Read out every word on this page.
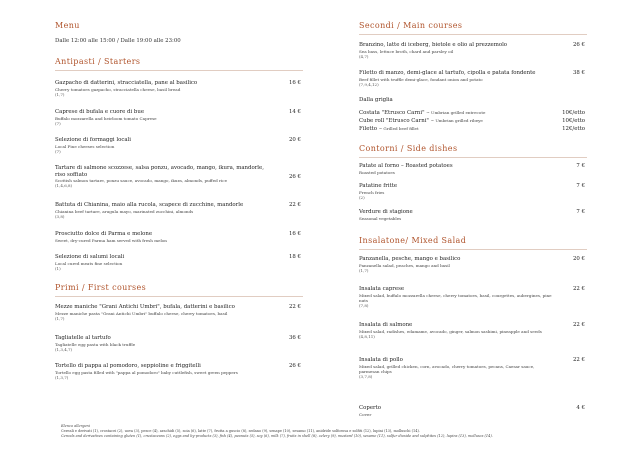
Menu
Dalle 12:00 alle 15:00 / Dalle 19:00 alle 23:00
Antipasti / Starters
Gazpacho di datterini, stracciatella, pane al basilico
Cherry tomatoes gazpacho, stracciatella cheese, basil bread
(1,7)
16 €
Caprese di bufala e cuore di bue
Buffalo mozzarella and heirloom tomato Caprese
(7)
14 €
Selezione di formaggi locali
Local Fine cheeses selection
(7)
20 €
Tartare di salmone scozzese, salsa ponzu, avocado, mango, ikura, mandorle, riso soffiato
Scottish salmon tartare, ponzu sauce, avocado, mango, ikura, almonds, puffed rice
(1,4,6,8)
26 €
Battuta di Chianina, maio alla rucola, scapece di zucchine, mandorle
Chianina beef tartare, arugula mayo, marinated zucchini, almonds
(3,8)
22 €
Prosciutto dolce di Parma e melone
Sweet, dry-cured Parma ham served with fresh melon
16 €
Selezione di salumi locali
Local cured meats fine selection
(1)
18 €
Primi / First courses
Mezze maniche "Grani Antichi Umbri", bufala, datterini e basilico
Mezze maniche pasta "Grani Antichi Umbri" buffalo cheese, cherry tomatoes, basil
(1,7)
22 €
Tagliatelle al tartufo
Tagliatelle egg pasta with black truffle
(1,3,4,7)
36 €
Tortello di pappa al pomodoro, seppioline e friggitelli
Tortello egg pasta filled with "pappa al pomodoro" baby cuttlefish, sweet green peppers
(1,3,7)
26 €
Secondi / Main courses
Branzino, latte di iceberg, bietole e olio al prezzemolo
Sea bass, lettuce broth, chard and parsley oil
(4,7)
26 €
Filetto di manzo, demi-glace al tartufo, cipolla e patata fondente
Beef fillet with truffle demi-glace, fondant onion and potato
(7,9,4,12)
38 €
Dalla griglia
Costata "Etrusco Carni" ~ Umbrian grilled entrecote	10€/etto
Cube roll "Etrusco Carni" ~ Umbrian grilled ribeye	10€/etto
Filetto ~ Grilled beef fillet	12€/etto
Contorni / Side dishes
Patate al forno – Roasted potatoes
Roasted potatoes
7 €
Patatine fritte
French fries
(2)
7 €
Verdure di stagione
Seasonal vegetables
7 €
Insalatone/ Mixed Salad
Panzanella, pesche, mango e basilico
Panzanella salad, peaches, mango and basil
(1,7)
20 €
Insalata caprese
Mixed salad, buffalo mozzarella cheese, cherry tomatoes, basil, courgettes, aubergines, pine nuts
(7,8)
22 €
Insalata di salmone
Mixed salad, radishes, edamame, avocado, ginger, salmon sashimi, pineapple and seeds
(4,8,11)
22 €
Insalata di pollo
Mixed salad, grilled chicken, corn, avocado, cherry tomatoes, pecans, Caesar sauce, parmesan chips
(3,7,8)
22 €
Coperto
Cover
4 €
Elenco allergeni
Cereali e derivati (1), crostacei (2), uova (3), pesce (4), arachidi (5), soia (6), latte (7), frutta a guscio (8), sedano (9), senape (10), sesamo (11), anidride solforosa e solfiti (12), lupini (13), molluschi (14).
Cereals and derivatives containing gluten (1), crustaceans (2), eggs and by-products (3), fish (4), peanuts (5), soy (6), milk (7), fruits in shell (8), celery (9), mustard (10), sesame (11), sulfur dioxide and sulphites (12), lupins (13), molluscs (14).
